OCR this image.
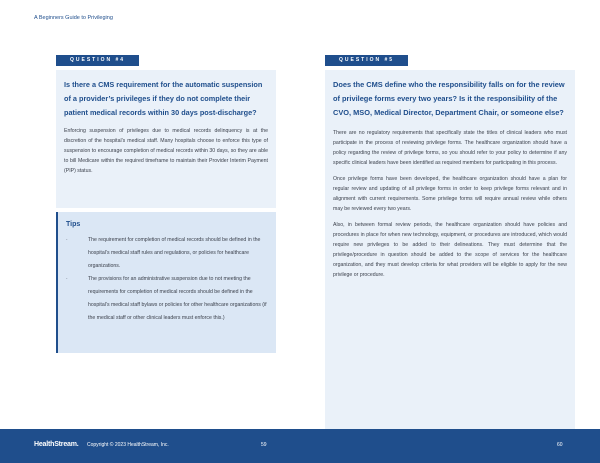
A Beginners Guide to Privileging
QUESTION #4
Is there a CMS requirement for the automatic suspension of a provider’s privileges if they do not complete their patient medical records within 30 days post-discharge?
Enforcing suspension of privileges due to medical records delinquency is at the discretion of the hospital’s medical staff. Many hospitals choose to enforce this type of suspension to encourage completion of medical records within 30 days, so they are able to bill Medicare within the required timeframe to maintain their Provider Interim Payment (PIP) status.
Tips
·	The requirement for completion of medical records should be defined in the hospital’s medical staff rules and regulations, or policies for healthcare organizations.
·	The provisions for an administrative suspension due to not meeting the requirements for completion of medical records should be defined in the hospital’s medical staff bylaws or policies for other healthcare organizations (if the medical staff or other clinical leaders must enforce this.)
QUESTION #5
Does the CMS define who the responsibility falls on for the review of privilege forms every two years? Is it the responsibility of the CVO, MSO, Medical Director, Department Chair, or someone else?

There are no regulatory requirements that specifically state the titles of clinical leaders who must participate in the process of reviewing privilege forms. The healthcare organization should have a policy regarding the review of privilege forms, so you should refer to your policy to determine if any specific clinical leaders have been identified as required members for participating in this process.

Once privilege forms have been developed, the healthcare organization should have a plan for regular review and updating of all privilege forms in order to keep privilege forms relevant and in alignment with current requirements. Some privilege forms will require annual review while others may be reviewed every two years.

Also, in between formal review periods, the healthcare organization should have policies and procedures in place for when new technology, equipment, or procedures are introduced, which would require new privileges to be added to their delineations. They must determine that the privilege/procedure in question should be added to the scope of services for the healthcare organization, and they must develop criteria for what providers will be eligible to apply for the new privilege or procedure.

HealthStream. Copyright © 2023 HealthStream, Inc.	59	60
